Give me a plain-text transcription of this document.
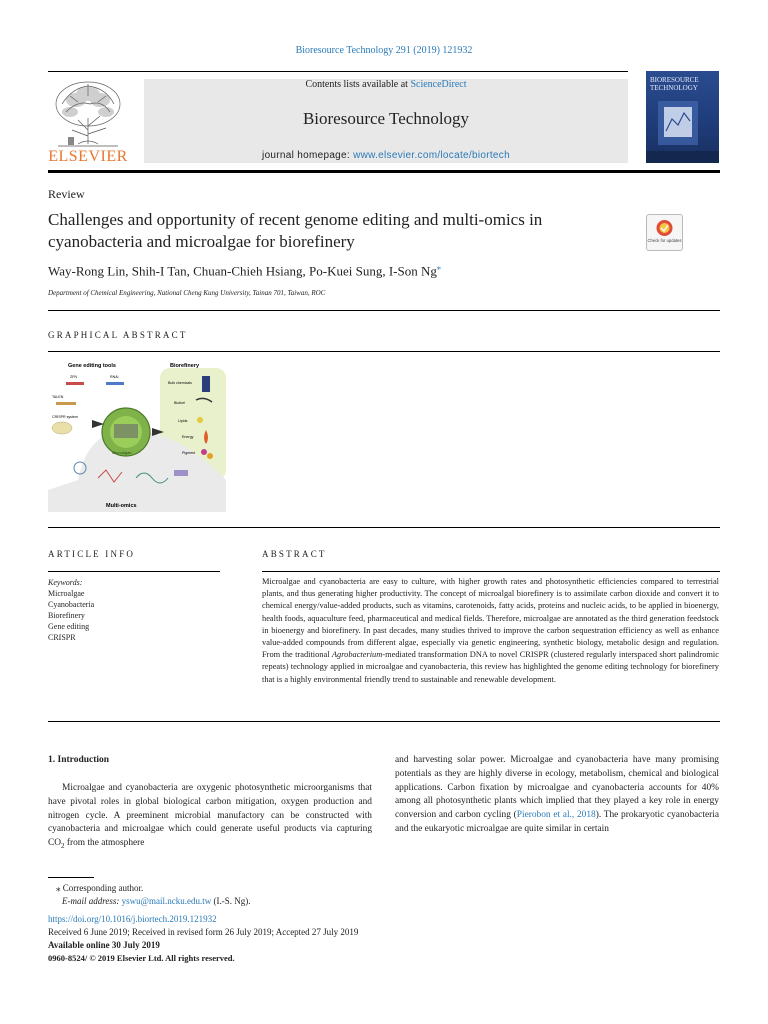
Bioresource Technology 291 (2019) 121932
ELSEVIER
Contents lists available at ScienceDirect
Bioresource Technology
journal homepage: www.elsevier.com/locate/biortech
BIORESOURCE TECHNOLOGY
Review
Challenges and opportunity of recent genome editing and multi-omics in cyanobacteria and microalgae for biorefinery	Check for updates
Way-Rong Lin, Shih-I Tan, Chuan-Chieh Hsiang, Po-Kuei Sung, I-Son Ng⁎
Department of Chemical Engineering, National Cheng Kung University, Tainan 701, Taiwan, ROC
GRAPHICAL ABSTRACT
Gene editing tools	Biorefinery
ZFN	RNAi
TALEN
CRISPR system
Microalgae
Bulk chemicals
Biofuel
Lipids
Energy
Pigment
Multi-omics
ARTICLE INFO	ABSTRACT
Keywords:
Microalgae
Cyanobacteria
Biorefinery
Gene editing
CRISPR
Microalgae and cyanobacteria are easy to culture, with higher growth rates and photosynthetic efficiencies compared to terrestrial plants, and thus generating higher productivity. The concept of microalgal biorefinery is to assimilate carbon dioxide and convert it to chemical energy/value-added products, such as vitamins, carotenoids, fatty acids, proteins and nucleic acids, to be applied in bioenergy, health foods, aquaculture feed, pharmaceutical and medical fields. Therefore, microalgae are annotated as the third generation feedstock in bioenergy and biorefinery. In past decades, many studies thrived to improve the carbon sequestration efficiency as well as enhance value-added compounds from different algae, especially via genetic engineering, synthetic biology, metabolic design and regulation. From the traditional Agrobacterium-mediated transformation DNA to novel CRISPR (clustered regularly interspaced short palindromic repeats) technology applied in microalgae and cyanobacteria, this review has highlighted the genome editing technology for biorefinery that is a highly environmental friendly trend to sustainable and renewable development.
1. Introduction
Microalgae and cyanobacteria are oxygenic photosynthetic microorganisms that have pivotal roles in global biological carbon mitigation, oxygen production and nitrogen cycle. A preeminent microbial manufactory can be constructed with cyanobacteria and microalgae which could generate useful products via capturing $CO_2$ from the atmosphere
and harvesting solar power. Microalgae and cyanobacteria have many promising potentials as they are highly diverse in ecology, metabolism, chemical and biological applications. Carbon fixation by microalgae and cyanobacteria accounts for 40% among all photosynthetic plants which implied that they played a key role in energy conversion and carbon cycling (Pierobon et al., 2018). The prokaryotic cyanobacteria and the eukaryotic microalgae are quite similar in certain
⁎ Corresponding author.
E-mail address: yswu@mail.ncku.edu.tw (I.-S. Ng).
https://doi.org/10.1016/j.biortech.2019.121932
Received 6 June 2019; Received in revised form 26 July 2019; Accepted 27 July 2019
Available online 30 July 2019
0960-8524/ © 2019 Elsevier Ltd. All rights reserved.
